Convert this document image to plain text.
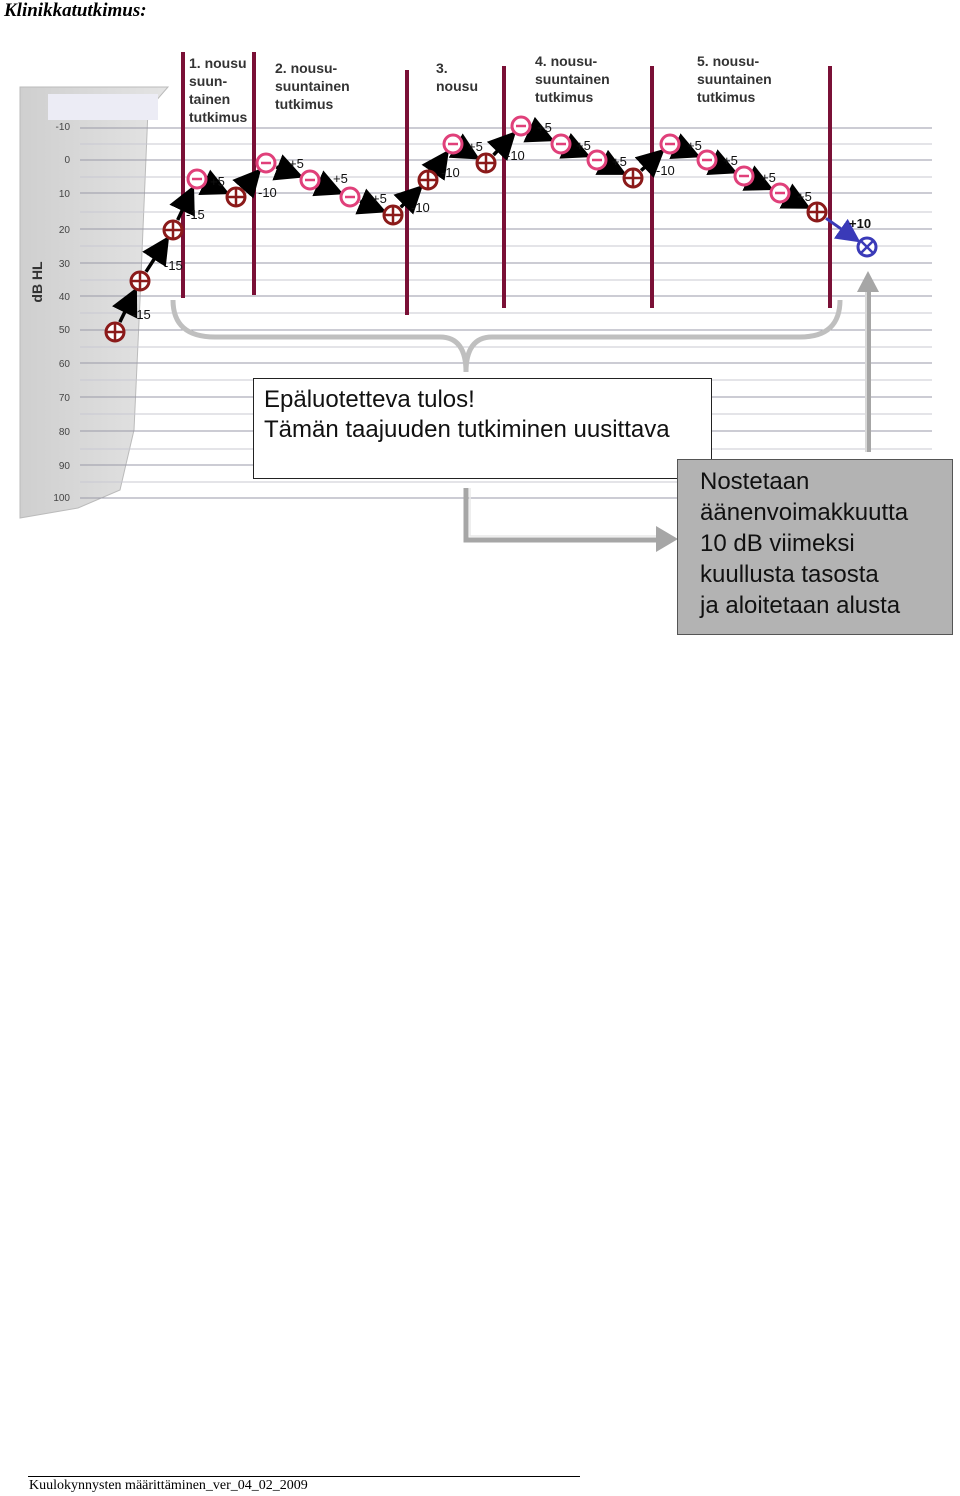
Klinikkatutkimus:
-10
0
10
20
30
40
50
60
70
80
90
100
dB HL
1. nousu suun-tainen tutkimus
2. nousu-suuntainen tutkimus
3. nousu
4. nousu-suuntainen tutkimus
5. nousu-suuntainen tutkimus
-15
-15
-15
+5
-10
+5
+5
+5
-10
-10
+5
-10
+5
+5
+5
-10
+5
+5
+5
+5
+10
Epäluotetteva tulos!
Tämän taajuuden tutkiminen uusittava
Nostetaan
äänenvoimakkuutta
10 dB viimeksi
kuullusta tasosta
ja aloitetaan alusta
Kuulokynnysten määrittäminen_ver_04_02_2009
